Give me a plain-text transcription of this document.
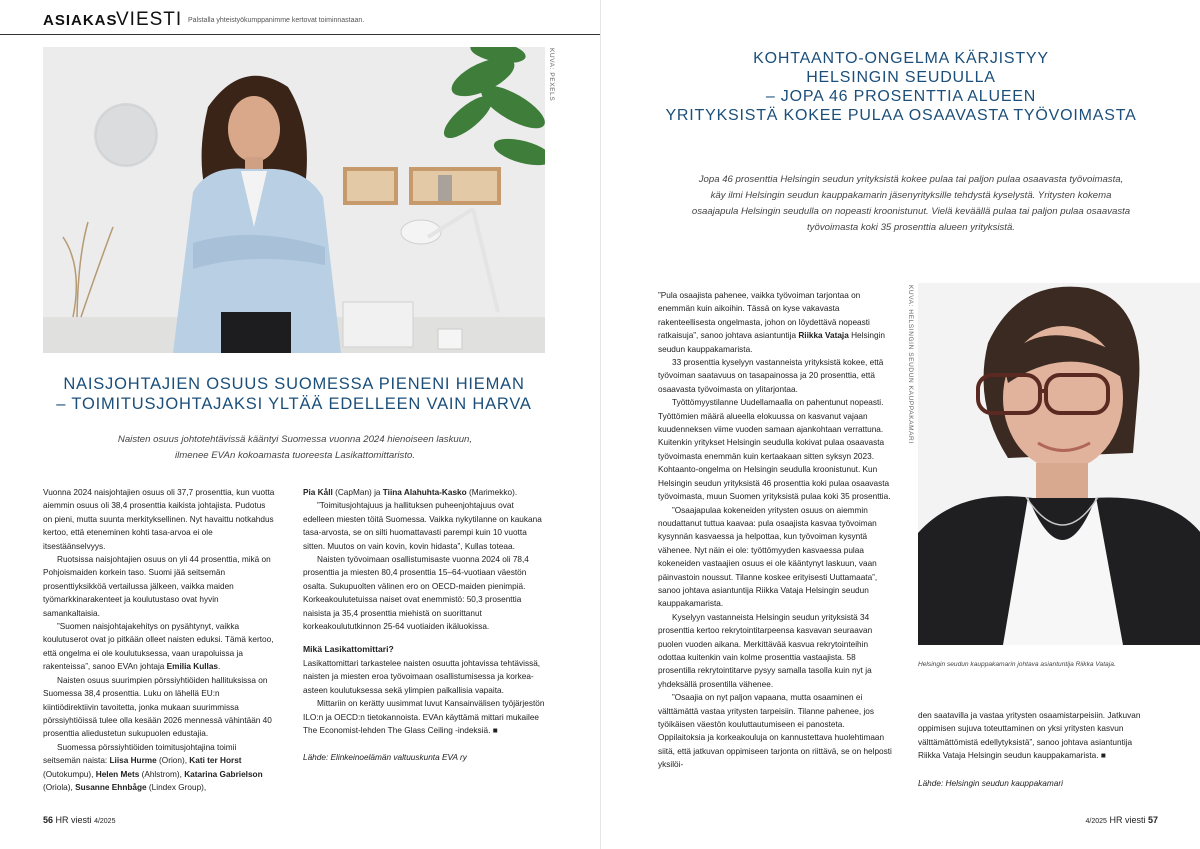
ASIAKAS
VIESTI Palstalla yhteistyökumppanimme kertovat toiminnastaan.
KUVA: PEXELS
NAISJOHTAJIEN OSUUS SUOMESSA PIENENI HIEMAN
– TOIMITUSJOHTAJAKSI YLTÄÄ EDELLEEN VAIN HARVA

Naisten osuus johtotehtävissä kääntyi Suomessa vuonna 2024 hienoiseen laskuun, ilmenee EVAn kokoamasta tuoreesta Lasikattomittaristo.

Vuonna 2024 naisjohtajien osuus oli 37,7 prosenttia, kun vuotta aiemmin osuus oli 38,4 prosenttia kaikista johtajista. Pudotus on pieni, mutta suunta merkityksellinen. Nyt havaittu notkahdus kertoo, että eteneminen kohti tasa-arvoa ei ole itsestäänselvyys.

Ruotsissa naisjohtajien osuus on yli 44 prosenttia, mikä on Pohjoismaiden korkein taso. Suomi jää seitsemän prosenttiyksikköä vertailussa jälkeen, vaikka maiden työmarkkinarakenteet ja koulutustaso ovat hyvin samankaltaisia.

”Suomen naisjohtajakehitys on pysähtynyt, vaikka koulutuserot ovat jo pitkään olleet naisten eduksi. Tämä kertoo, että ongelma ei ole koulutuksessa, vaan urapoluissa ja rakenteissa”, sanoo EVAn johtaja Emilia Kullas.

Naisten osuus suurimpien pörssiyhtiöiden hallituksissa on Suomessa 38,4 prosenttia. Luku on lähellä EU:n kiintiödirektiivin tavoitetta, jonka mukaan suurimmissa pörssiyhtiöissä tulee olla kesään 2026 mennessä vähintään 40 prosenttia aliedustetun sukupuolen edustajia.

Suomessa pörssiyhtiöiden toimitusjohtajina toimii seitsemän naista: Liisa Hurme (Orion), Kati ter Horst (Outokumpu), Helen Mets (Ahlstrom), Katarina Gabrielson (Oriola), Susanne Ehnbåge (Lindex Group),

Pia Kåll (CapMan) ja Tiina Alahuhta-Kasko (Marimekko).

”Toimitusjohtajuus ja hallituksen puheenjohtajuus ovat edelleen miesten töitä Suomessa. Vaikka nykytilanne on kaukana tasa-arvosta, se on silti huomattavasti parempi kuin 10 vuotta sitten. Muutos on vain kovin, kovin hidasta”, Kullas toteaa.

Naisten työvoimaan osallistumisaste vuonna 2024 oli 78,4 prosenttia ja miesten 80,4 prosenttia 15–64-vuotiaan väestön osalta. Sukupuolten välinen ero on OECD-maiden pienimpiä. Korkeakoulutetuissa naiset ovat enemmistö: 50,3 prosenttia naisista ja 35,4 prosenttia miehistä on suorittanut korkeakoulututkinnon 25-64 vuotiaiden ikäluokissa.

Mikä Lasikattomittari?

Lasikattomittari tarkastelee naisten osuutta johtavissa tehtävissä, naisten ja miesten eroa työvoimaan osallistumisessa ja korkea-asteen koulutuksessa sekä ylimpien palkallisia vapaita.

Mittariin on kerätty uusimmat luvut Kansainvälisen työjärjestön ILO:n ja OECD:n tietokannoista. EVAn käyttämä mittari mukailee The Economist-lehden The Glass Ceiling -indeksiä. ■

Lähde: Elinkeinoelämän valtuuskunta EVA ry

56 HR viesti 4/2025
KOHTAANTO-ONGELMA KÄRJISTYY
HELSINGIN SEUDULLA
– JOPA 46 PROSENTTIA ALUEEN
YRITYKSISTÄ KOKEE PULAA OSAAVASTA TYÖVOIMASTA

Jopa 46 prosenttia Helsingin seudun yrityksistä kokee pulaa tai paljon pulaa osaavasta työvoimasta, käy ilmi Helsingin seudun kauppakamarin jäsenyrityksille tehdystä kyselystä. Yritysten kokema osaajapula Helsingin seudulla on nopeasti kroonistunut. Vielä keväällä pulaa tai paljon pulaa osaavasta työvoimasta koki 35 prosenttia alueen yrityksistä.

”Pula osaajista pahenee, vaikka työvoiman tarjontaa on enemmän kuin aikoihin. Tässä on kyse vakavasta rakenteellisesta ongelmasta, johon on löydettävä nopeasti ratkaisuja”, sanoo johtava asiantuntija Riikka Vataja Helsingin seudun kauppakamarista.

33 prosenttia kyselyyn vastanneista yrityksistä kokee, että työvoiman saatavuus on tasapainossa ja 20 prosenttia, että osaavasta työvoimasta on ylitarjontaa.

Työttömyystilanne Uudellamaalla on pahentunut nopeasti. Työttömien määrä alueella elokuussa on kasvanut vajaan kuudenneksen viime vuoden samaan ajankohtaan verrattuna. Kuitenkin yritykset Helsingin seudulla kokivat pulaa osaavasta työvoimasta enemmän kuin kertaakaan sitten syksyn 2023. Kohtaanto-ongelma on Helsingin seudulla kroonistunut. Kun Helsingin seudun yrityksistä 46 prosenttia koki pulaa osaavasta työvoimasta, muun Suomen yrityksistä pulaa koki 35 prosenttia.

”Osaajapulaa kokeneiden yritysten osuus on aiemmin noudattanut tuttua kaavaa: pula osaajista kasvaa työvoiman kysynnän kasvaessa ja helpottaa, kun työvoiman kysyntä vähenee. Nyt näin ei ole: työttömyyden kasvaessa pulaa kokeneiden vastaajien osuus ei ole kääntynyt laskuun, vaan päinvastoin noussut. Tilanne koskee erityisesti Uuttamaata”, sanoo johtava asiantuntija Riikka Vataja Helsingin seudun kauppakamarista.

Kyselyyn vastanneista Helsingin seudun yrityksistä 34 prosenttia kertoo rekrytointitarpeensa kasvavan seuraavan puolen vuoden aikana. Merkittävää kasvua rekrytointeihin odottaa kuitenkin vain kolme prosenttia vastaajista. 58 prosentilla rekrytointitarve pysyy samalla tasolla kuin nyt ja yhdeksällä prosentilla vähenee.

”Osaajia on nyt paljon vapaana, mutta osaaminen ei välttämättä vastaa yritysten tarpeisiin. Tilanne pahenee, jos työikäisen väestön kouluttautumiseen ei panosteta. Oppilaitoksia ja korkeakouluja on kannustettava huolehtimaan siitä, että jatkuvan oppimiseen tarjonta on riittävä, se on helposti yksilöi-

KUVA: HELSINGIN SEUDUN KAUPPAKAMARI

Helsingin seudun kauppakamarin johtava asiantuntija Riikka Vataja.

den saatavilla ja vastaa yritysten osaamistarpeisiin. Jatkuvan oppimisen sujuva toteuttaminen on yksi yritysten kasvun välttämättömistä edellytyksistä”, sanoo johtava asiantuntija Riikka Vataja Helsingin seudun kauppakamarista. ■

Lähde: Helsingin seudun kauppakamari

4/2025 HR viesti 57
